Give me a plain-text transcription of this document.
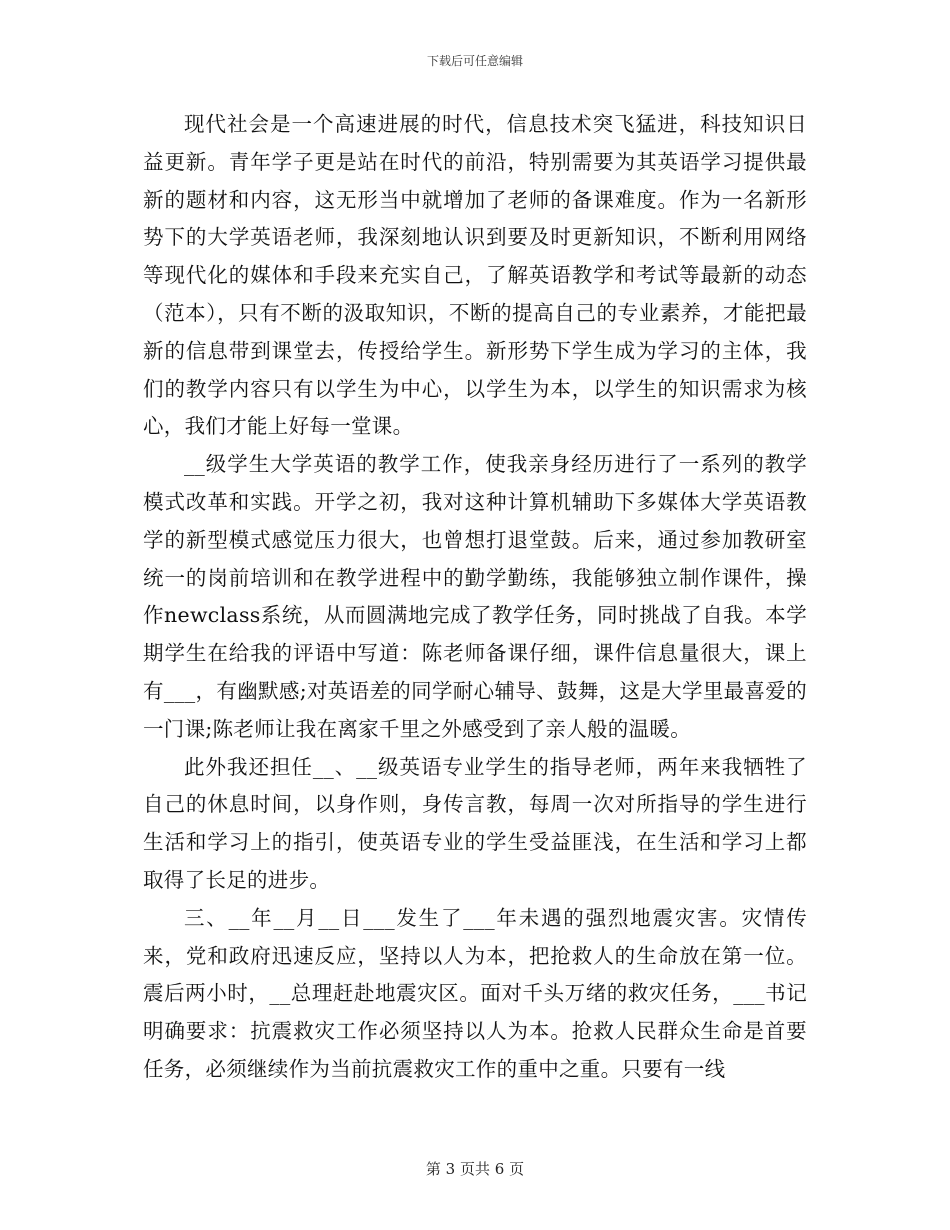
下载后可任意编辑

现代社会是一个高速进展的时代，信息技术突飞猛进，科技知识日益更新。青年学子更是站在时代的前沿，特别需要为其英语学习提供最新的题材和内容，这无形当中就增加了老师的备课难度。作为一名新形势下的大学英语老师，我深刻地认识到要及时更新知识，不断利用网络等现代化的媒体和手段来充实自己，了解英语教学和考试等最新的动态（范本），只有不断的汲取知识，不断的提高自己的专业素养，才能把最新的信息带到课堂去，传授给学生。新形势下学生成为学习的主体，我们的教学内容只有以学生为中心，以学生为本，以学生的知识需求为核心，我们才能上好每一堂课。

__级学生大学英语的教学工作，使我亲身经历进行了一系列的教学模式改革和实践。开学之初，我对这种计算机辅助下多媒体大学英语教学的新型模式感觉压力很大，也曾想打退堂鼓。后来，通过参加教研室统一的岗前培训和在教学进程中的勤学勤练，我能够独立制作课件，操作newclass系统，从而圆满地完成了教学任务，同时挑战了自我。本学期学生在给我的评语中写道：陈老师备课仔细，课件信息量很大，课上有___，有幽默感;对英语差的同学耐心辅导、鼓舞，这是大学里最喜爱的一门课;陈老师让我在离家千里之外感受到了亲人般的温暖。

此外我还担任__、__级英语专业学生的指导老师，两年来我牺牲了自己的休息时间，以身作则，身传言教，每周一次对所指导的学生进行生活和学习上的指引，使英语专业的学生受益匪浅，在生活和学习上都取得了长足的进步。

三、__年__月__日___发生了___年未遇的强烈地震灾害。灾情传来，党和政府迅速反应，坚持以人为本，把抢救人的生命放在第一位。震后两小时，__总理赶赴地震灾区。面对千头万绪的救灾任务，___书记明确要求：抗震救灾工作必须坚持以人为本。抢救人民群众生命是首要任务，必须继续作为当前抗震救灾工作的重中之重。只要有一线

第 3 页共 6 页
